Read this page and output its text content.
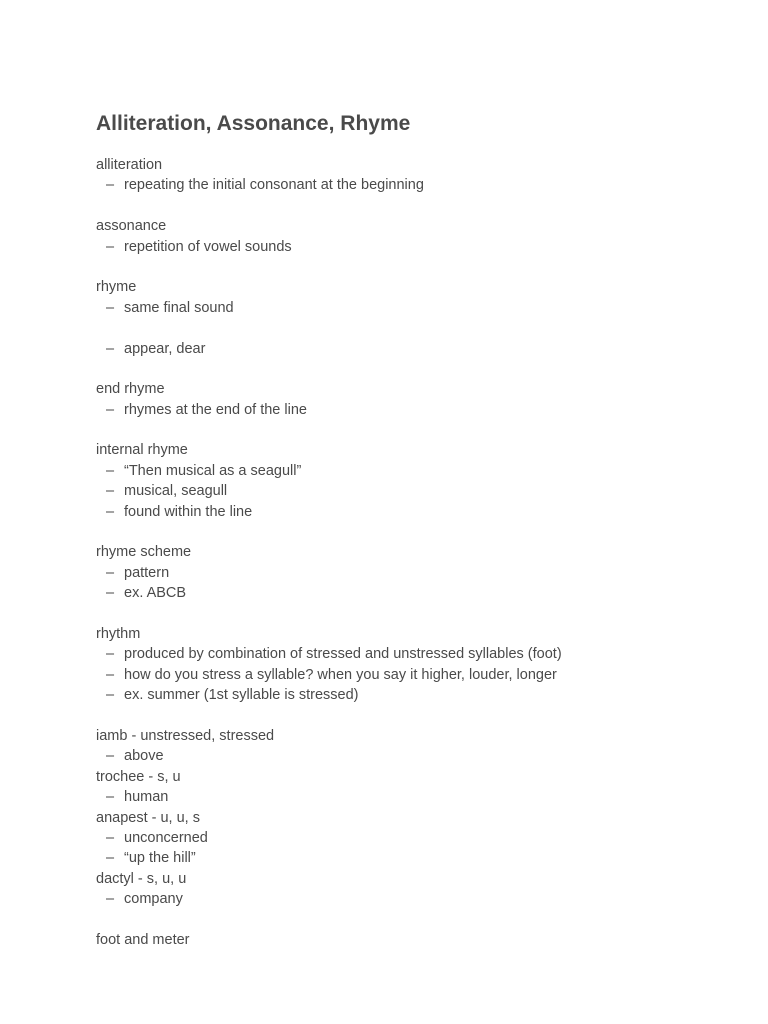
Alliteration, Assonance, Rhyme
alliteration
– repeating the initial consonant at the beginning
assonance
– repetition of vowel sounds
rhyme
– same final sound
– appear, dear
end rhyme
– rhymes at the end of the line
internal rhyme
– “Then musical as a seagull”
– musical, seagull
– found within the line
rhyme scheme
– pattern
– ex. ABCB
rhythm
– produced by combination of stressed and unstressed syllables (foot)
– how do you stress a syllable? when you say it higher, louder, longer
– ex. summer (1st syllable is stressed)
iamb - unstressed, stressed
– above
trochee - s, u
– human
anapest - u, u, s
– unconcerned
– “up the hill”
dactyl - s, u, u
– company
foot and meter
